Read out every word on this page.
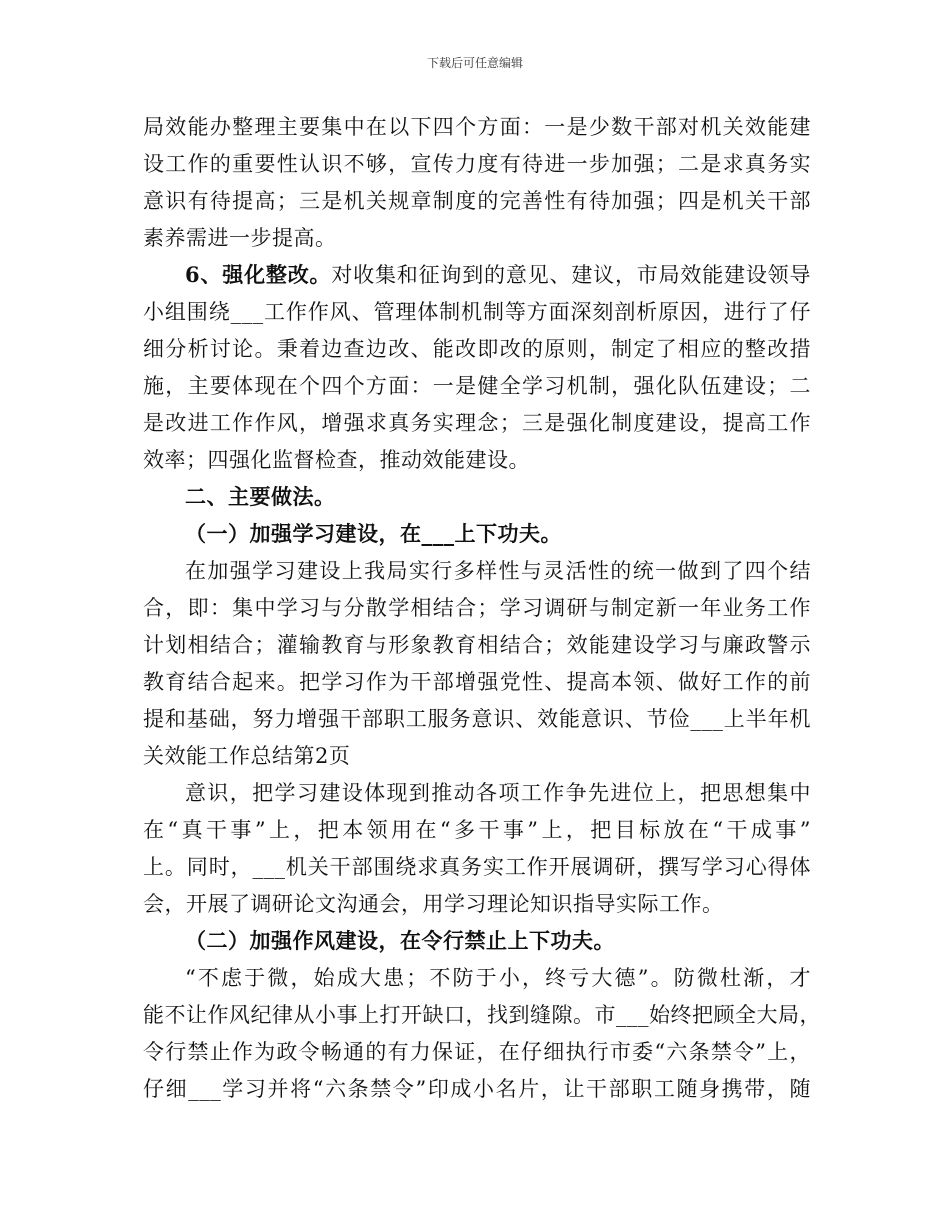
下载后可任意编辑
局效能办整理主要集中在以下四个方面：一是少数干部对机关效能建
设工作的重要性认识不够，宣传力度有待进一步加强；二是求真务实
意识有待提高；三是机关规章制度的完善性有待加强；四是机关干部
素养需进一步提高。
6、强化整改。对收集和征询到的意见、建议，市局效能建设领导
小组围绕___工作作风、管理体制机制等方面深刻剖析原因，进行了仔
细分析讨论。秉着边查边改、能改即改的原则，制定了相应的整改措
施，主要体现在个四个方面：一是健全学习机制，强化队伍建设；二
是改进工作作风，增强求真务实理念；三是强化制度建设，提高工作
效率；四强化监督检查，推动效能建设。
二、主要做法。
（一）加强学习建设，在___上下功夫。
在加强学习建设上我局实行多样性与灵活性的统一做到了四个结
合，即：集中学习与分散学相结合；学习调研与制定新一年业务工作
计划相结合；灌输教育与形象教育相结合；效能建设学习与廉政警示
教育结合起来。把学习作为干部增强党性、提高本领、做好工作的前
提和基础，努力增强干部职工服务意识、效能意识、节俭___上半年机
关效能工作总结第2页
意识，把学习建设体现到推动各项工作争先进位上，把思想集中
在“真干事”上，把本领用在“多干事”上，把目标放在“干成事”
上。同时，___机关干部围绕求真务实工作开展调研，撰写学习心得体
会，开展了调研论文沟通会，用学习理论知识指导实际工作。
（二）加强作风建设，在令行禁止上下功夫。
“不虑于微，始成大患；不防于小，终亏大德”。防微杜渐，才
能不让作风纪律从小事上打开缺口，找到缝隙。市___始终把顾全大局，
令行禁止作为政令畅通的有力保证，在仔细执行市委“六条禁令”上，
仔细___学习并将“六条禁令”印成小名片，让干部职工随身携带，随
